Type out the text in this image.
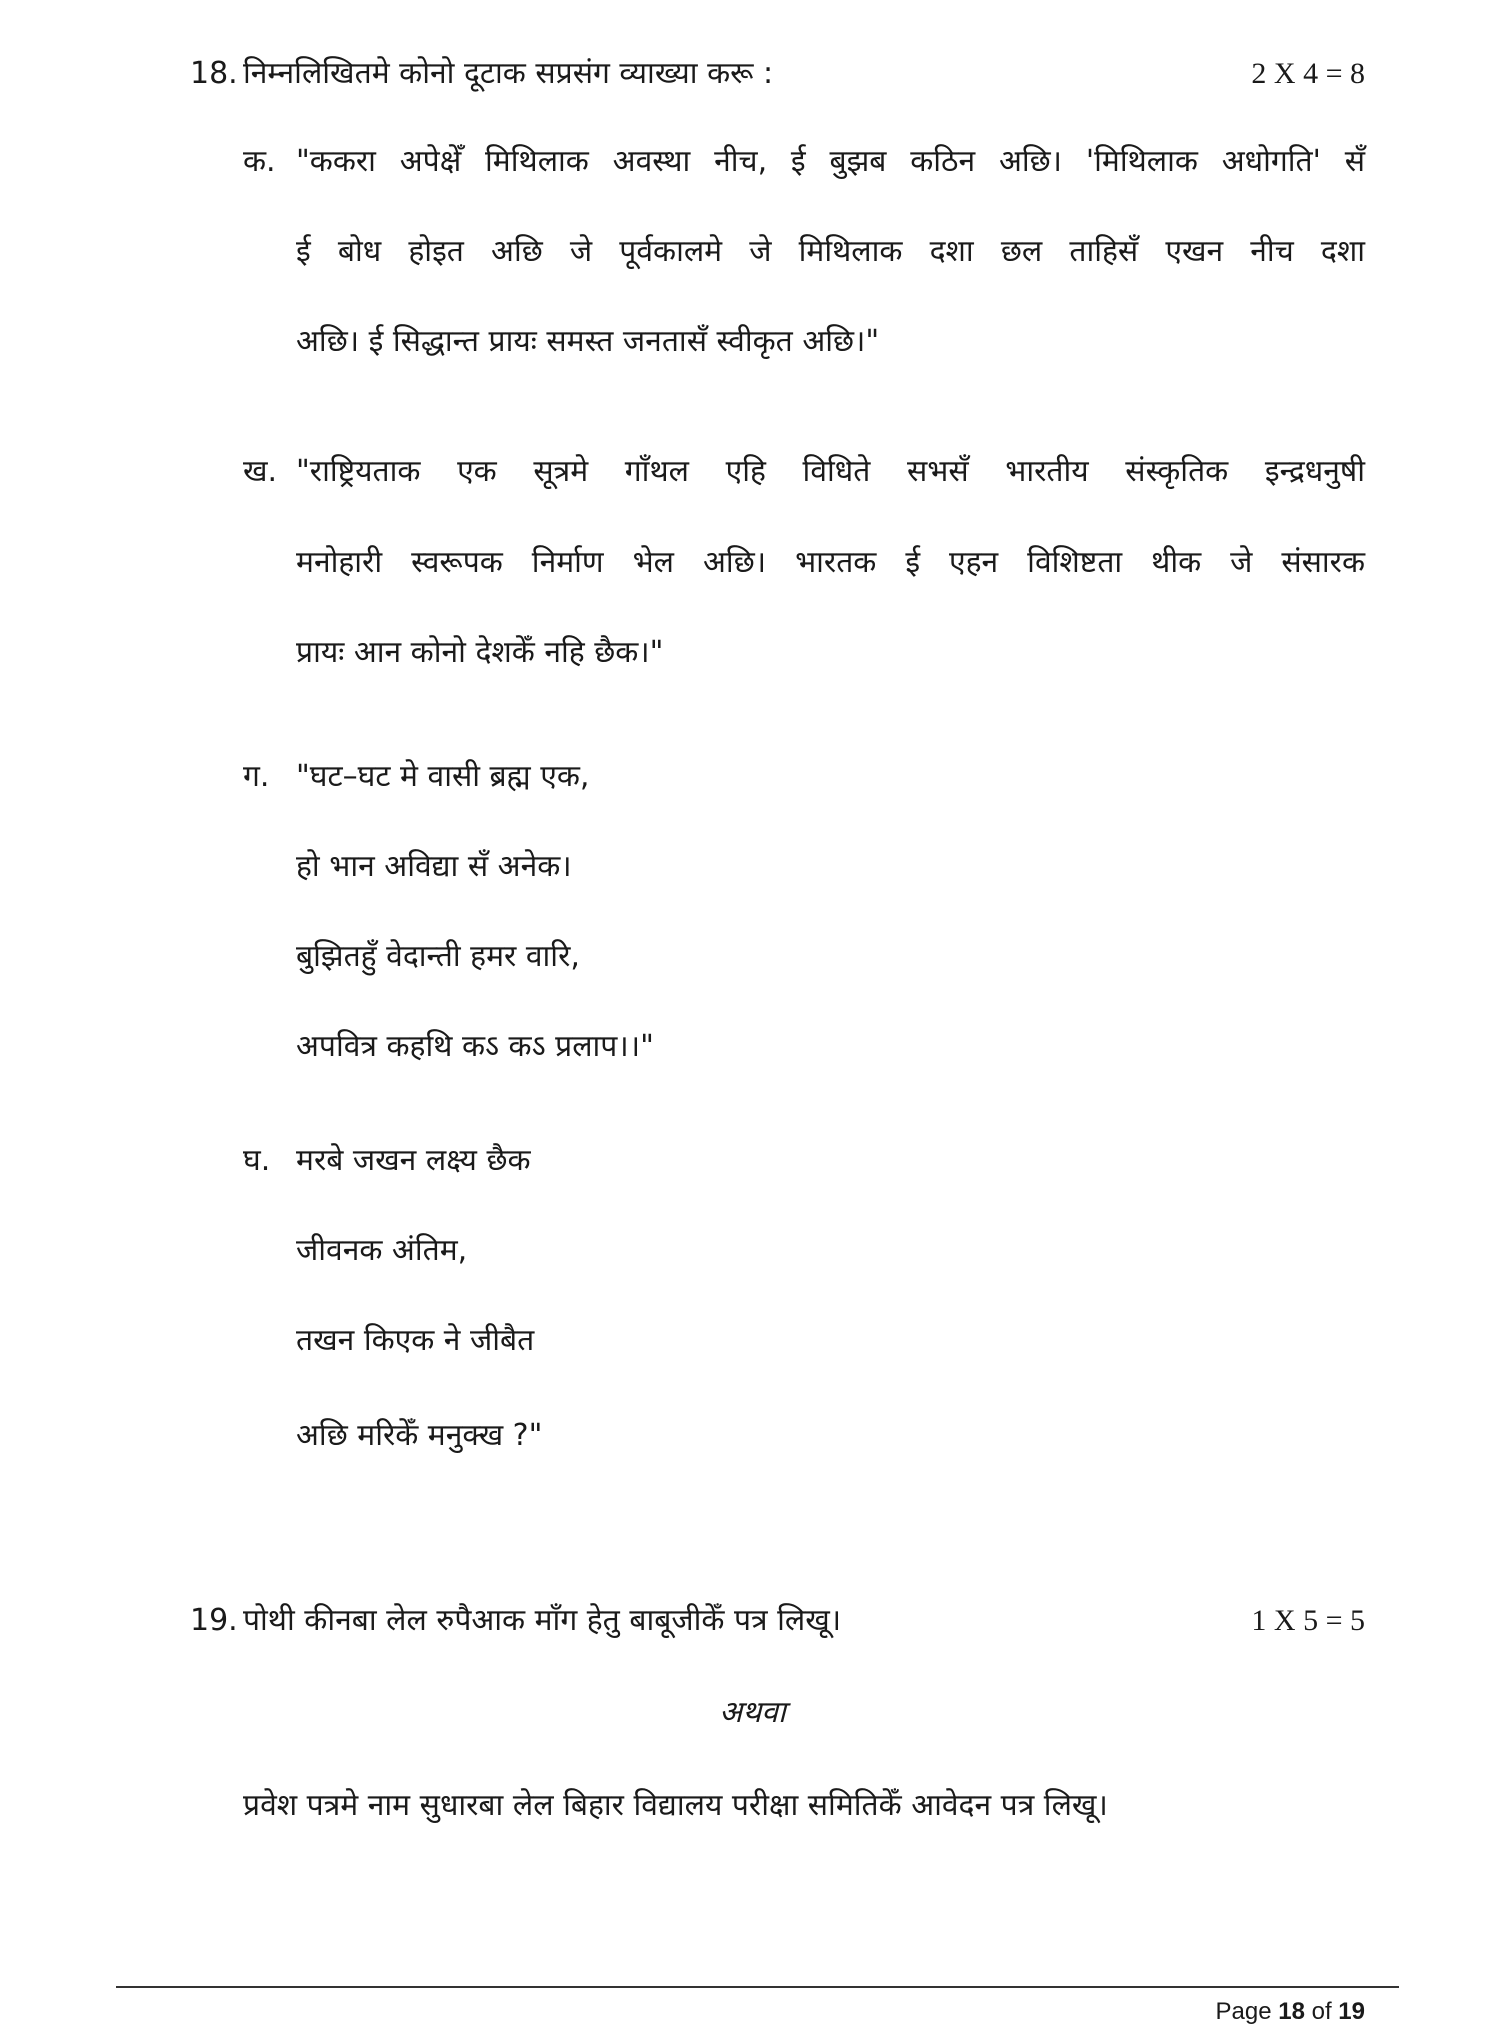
18. निम्नलिखितमे कोनो दूटाक सप्रसंग व्याख्या करू :	2 X 4 = 8
क. "ककरा अपेक्षेँ मिथिलाक अवस्था नीच, ई बुझब कठिन अछि। 'मिथिलाक अधोगति' सँ
ई बोध होइत अछि जे पूर्वकालमे जे मिथिलाक दशा छल ताहिसँ एखन नीच दशा
अछि। ई सिद्धान्त प्रायः समस्त जनतासँ स्वीकृत अछि।"
ख. "राष्ट्रियताक एक सूत्रमे गाँथल एहि विधिते सभसँ भारतीय संस्कृतिक इन्द्रधनुषी
मनोहारी स्वरूपक निर्माण भेल अछि। भारतक ई एहन विशिष्टता थीक जे संसारक
प्रायः आन कोनो देशकेँ नहि छैक।"
ग. "घट–घट मे वासी ब्रह्म एक,
हो भान अविद्या सँ अनेक।
बुझितहुँ वेदान्ती हमर वारि,
अपवित्र कहथि कऽ कऽ प्रलाप।।"
घ. मरबे जखन लक्ष्य छैक
जीवनक अंतिम,
तखन किएक ने जीबैत
अछि मरिकेँ मनुक्ख ?"
19. पोथी कीनबा लेल रुपैआक माँग हेतु बाबूजीकेँ पत्र लिखू।	1 X 5 = 5
अथवा
प्रवेश पत्रमे नाम सुधारबा लेल बिहार विद्यालय परीक्षा समितिकेँ आवेदन पत्र लिखू।
Page 18 of 19
